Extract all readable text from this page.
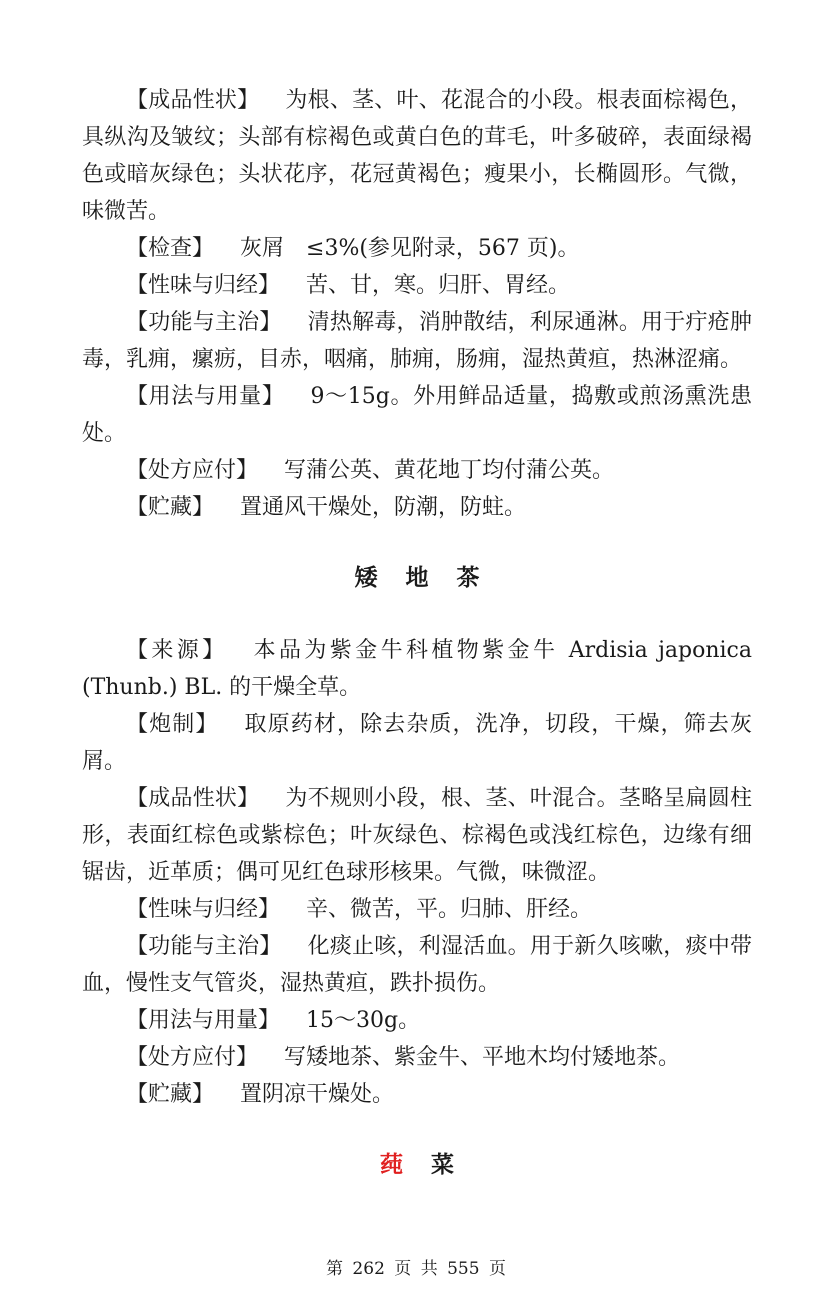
【成品性状】 为根、茎、叶、花混合的小段。根表面棕褐色，具纵沟及皱纹；头部有棕褐色或黄白色的茸毛，叶多破碎，表面绿褐色或暗灰绿色；头状花序，花冠黄褐色；瘦果小，长椭圆形。气微，味微苦。

【检查】 灰屑　≤3%(参见附录，567 页)。

【性味与归经】 苦、甘，寒。归肝、胃经。

【功能与主治】 清热解毒，消肿散结，利尿通淋。用于疔疮肿毒，乳痈，瘰疬，目赤，咽痛，肺痈，肠痈，湿热黄疸，热淋涩痛。

【用法与用量】 9～15g。外用鲜品适量，捣敷或煎汤熏洗患处。

【处方应付】 写蒲公英、黄花地丁均付蒲公英。

【贮藏】 置通风干燥处，防潮，防蛀。

矮 地 茶

【来源】 本品为紫金牛科植物紫金牛 Ardisia japonica (Thunb.) BL. 的干燥全草。

【炮制】 取原药材，除去杂质，洗净，切段，干燥，筛去灰屑。

【成品性状】 为不规则小段，根、茎、叶混合。茎略呈扁圆柱形，表面红棕色或紫棕色；叶灰绿色、棕褐色或浅红棕色，边缘有细锯齿，近革质；偶可见红色球形核果。气微，味微涩。

【性味与归经】 辛、微苦，平。归肺、肝经。

【功能与主治】 化痰止咳，利湿活血。用于新久咳嗽，痰中带血，慢性支气管炎，湿热黄疸，跌扑损伤。

【用法与用量】 15～30g。

【处方应付】 写矮地茶、紫金牛、平地木均付矮地茶。

【贮藏】 置阴凉干燥处。

莼 菜
第 262 页 共 555 页
